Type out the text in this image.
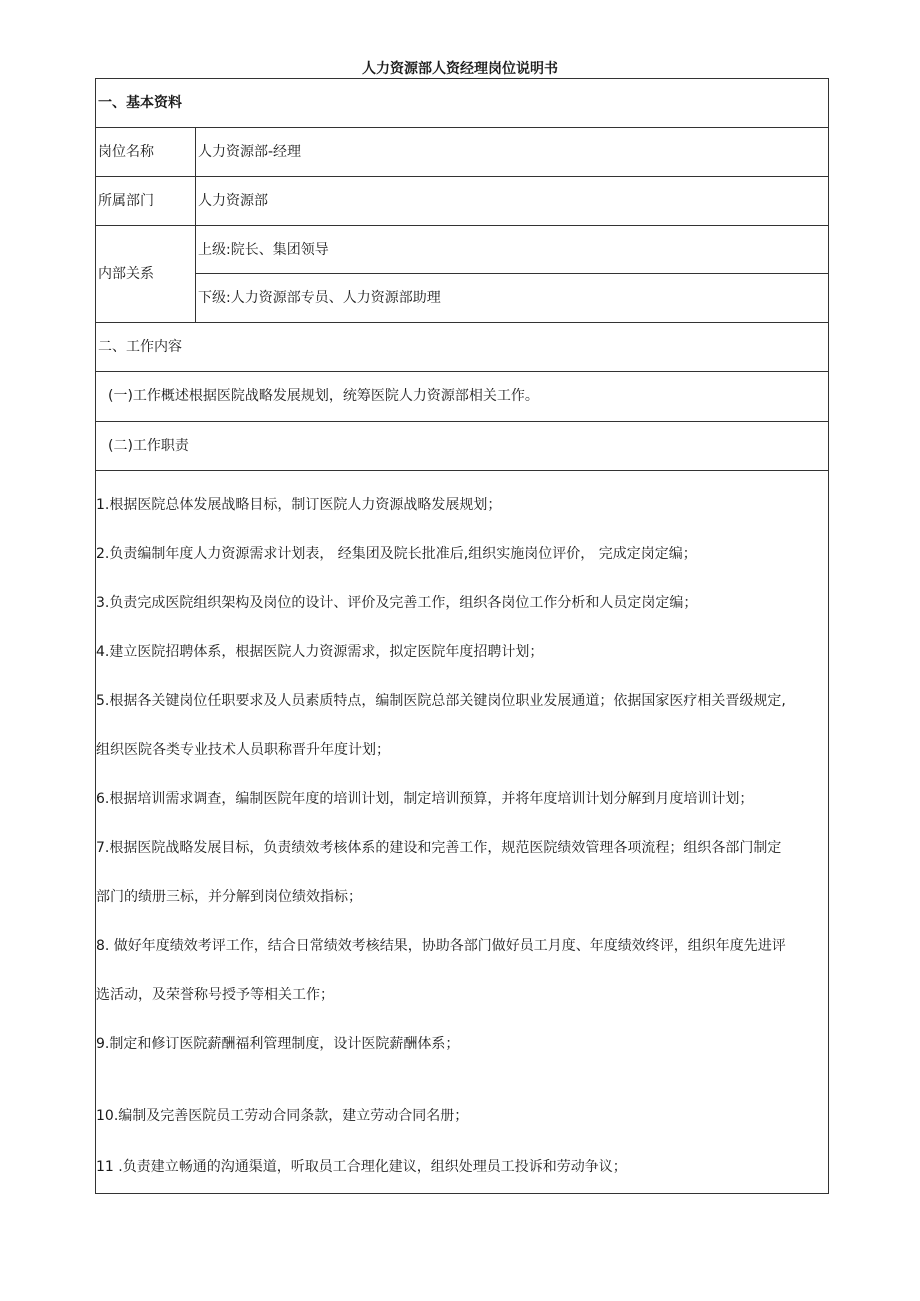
人力资源部人资经理岗位说明书
一、基本资料
岗位名称	人力资源部-经理
所属部门	人力资源部
内部关系
上级:院长、集团领导
下级:人力资源部专员、人力资源部助理
二、工作内容
(一)工作概述根据医院战略发展规划，统筹医院人力资源部相关工作。
(二)工作职责
1.根据医院总体发展战略目标，制订医院人力资源战略发展规划；
2.负责编制年度人力资源需求计划表， 经集团及院长批准后,组织实施岗位评价， 完成定岗定编；
3.负责完成医院组织架构及岗位的设计、评价及完善工作，组织各岗位工作分析和人员定岗定编；
4.建立医院招聘体系，根据医院人力资源需求，拟定医院年度招聘计划；
5.根据各关键岗位任职要求及人员素质特点，编制医院总部关键岗位职业发展通道；依据国家医疗相关晋级规定,
组织医院各类专业技术人员职称晋升年度计划；
6.根据培训需求调查，编制医院年度的培训计划，制定培训预算，并将年度培训计划分解到月度培训计划；
7.根据医院战略发展目标，负责绩效考核体系的建设和完善工作，规范医院绩效管理各项流程；组织各部门制定
部门的绩册三标，并分解到岗位绩效指标；
8. 做好年度绩效考评工作，结合日常绩效考核结果，协助各部门做好员工月度、年度绩效终评，组织年度先进评
选活动，及荣誉称号授予等相关工作；
9.制定和修订医院薪酬福利管理制度，设计医院薪酬体系；
10.编制及完善医院员工劳动合同条款，建立劳动合同名册；
11 .负责建立畅通的沟通渠道，听取员工合理化建议，组织处理员工投诉和劳动争议；
